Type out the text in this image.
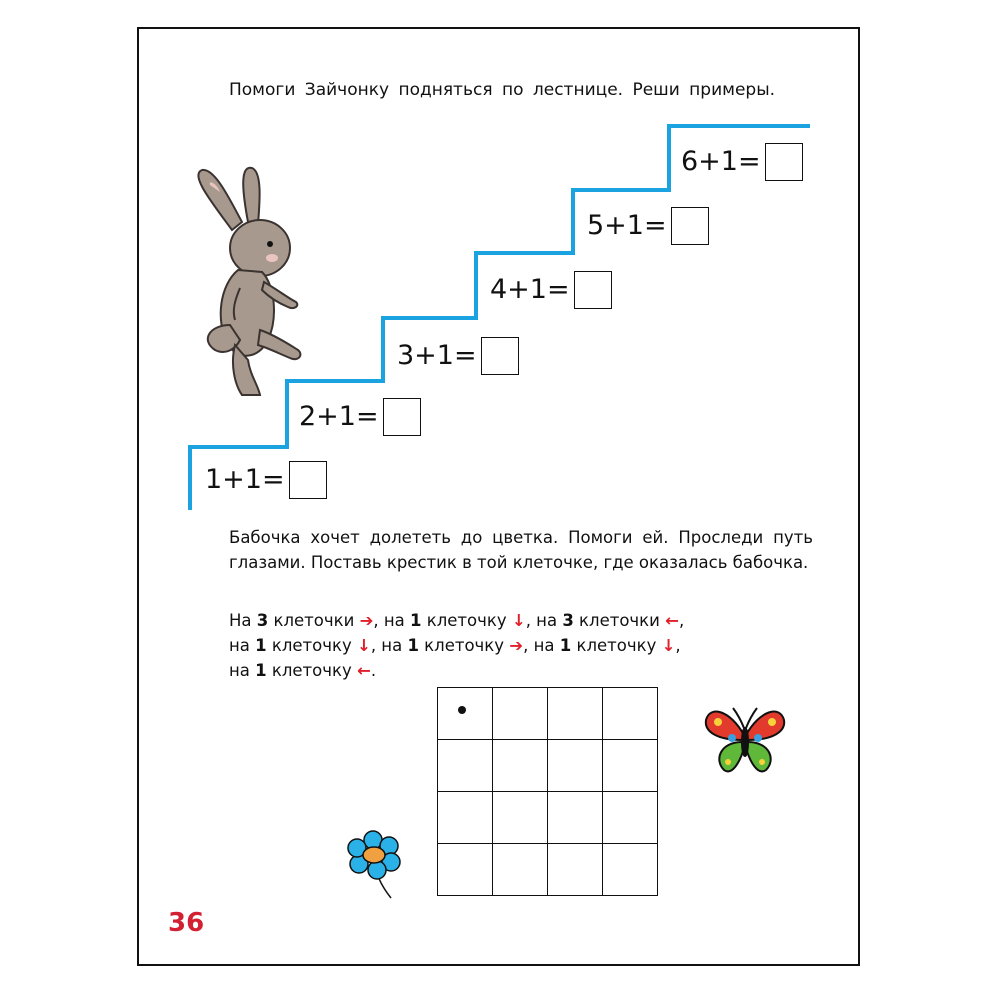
Помоги Зайчонку подняться по лестнице. Реши примеры.
1+1=
2+1=
3+1=
4+1=
5+1=
6+1=
Бабочка хочет долететь до цветка. Помоги ей. Проследи путь глазами. Поставь крестик в той клеточке, где оказалась бабочка.
На 3 клеточки ➔, на 1 клеточку ↓, на 3 клеточки ←,
на 1 клеточку ↓, на 1 клеточку ➔, на 1 клеточку ↓,
на 1 клеточку ←.

36
